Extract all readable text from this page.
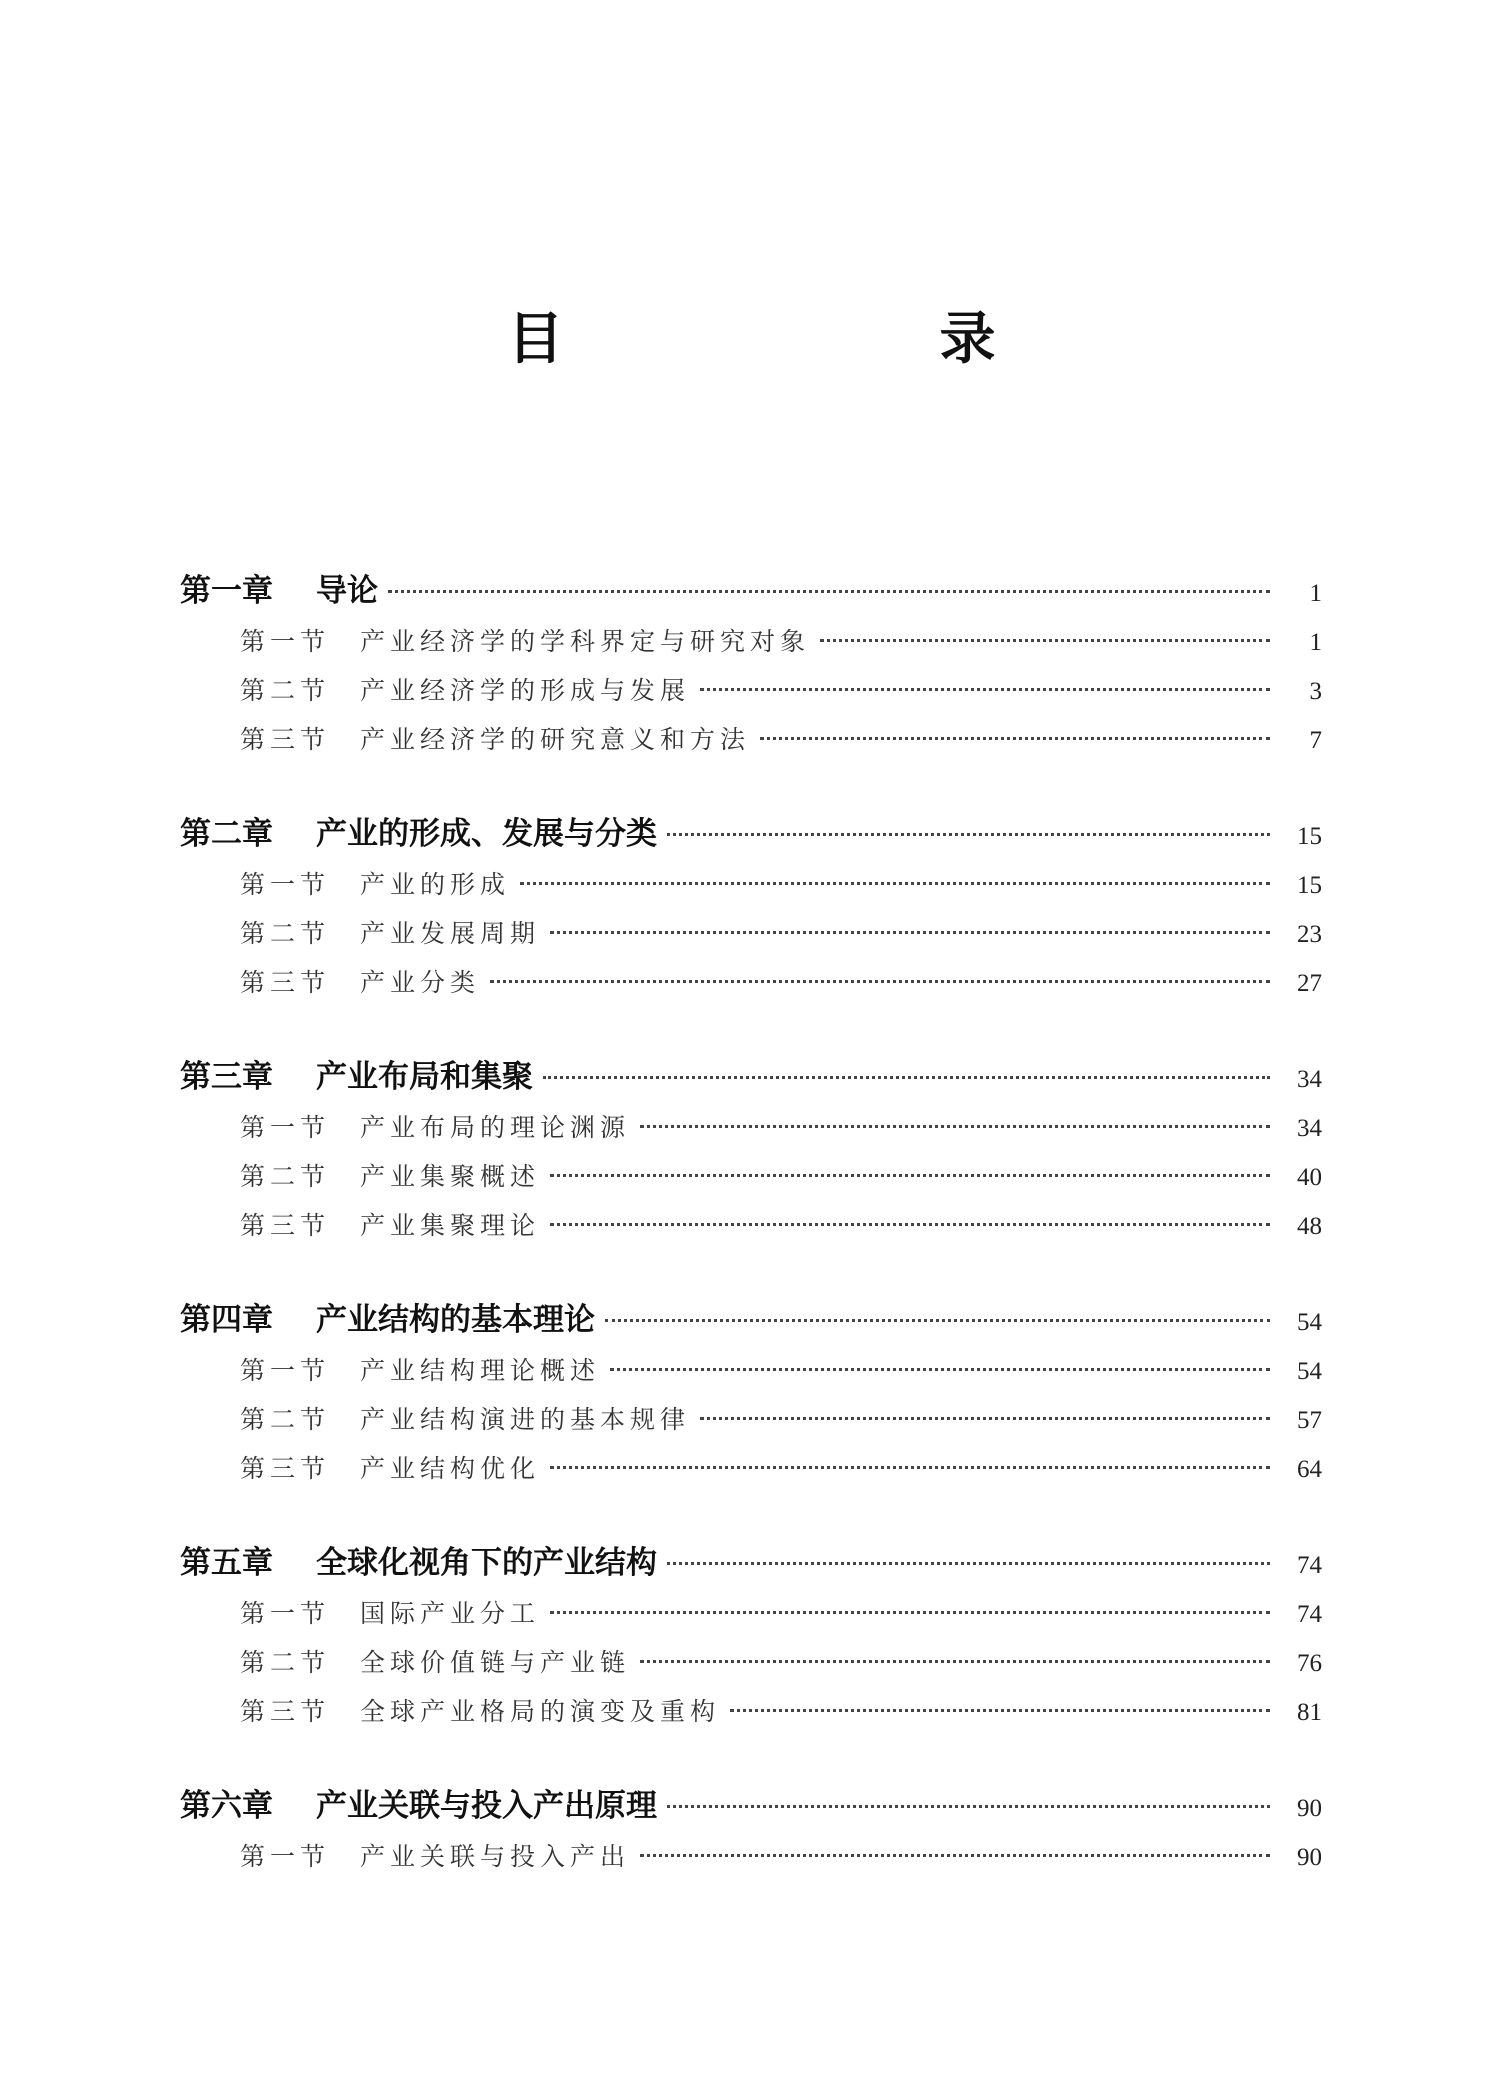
目　录
第一章	导论	1
第一节	产业经济学的学科界定与研究对象	1
第二节	产业经济学的形成与发展	3
第三节	产业经济学的研究意义和方法	7
第二章	产业的形成、发展与分类	15
第一节	产业的形成	15
第二节	产业发展周期	23
第三节	产业分类	27
第三章	产业布局和集聚	34
第一节	产业布局的理论渊源	34
第二节	产业集聚概述	40
第三节	产业集聚理论	48
第四章	产业结构的基本理论	54
第一节	产业结构理论概述	54
第二节	产业结构演进的基本规律	57
第三节	产业结构优化	64
第五章	全球化视角下的产业结构	74
第一节	国际产业分工	74
第二节	全球价值链与产业链	76
第三节	全球产业格局的演变及重构	81
第六章	产业关联与投入产出原理	90
第一节	产业关联与投入产出	90
